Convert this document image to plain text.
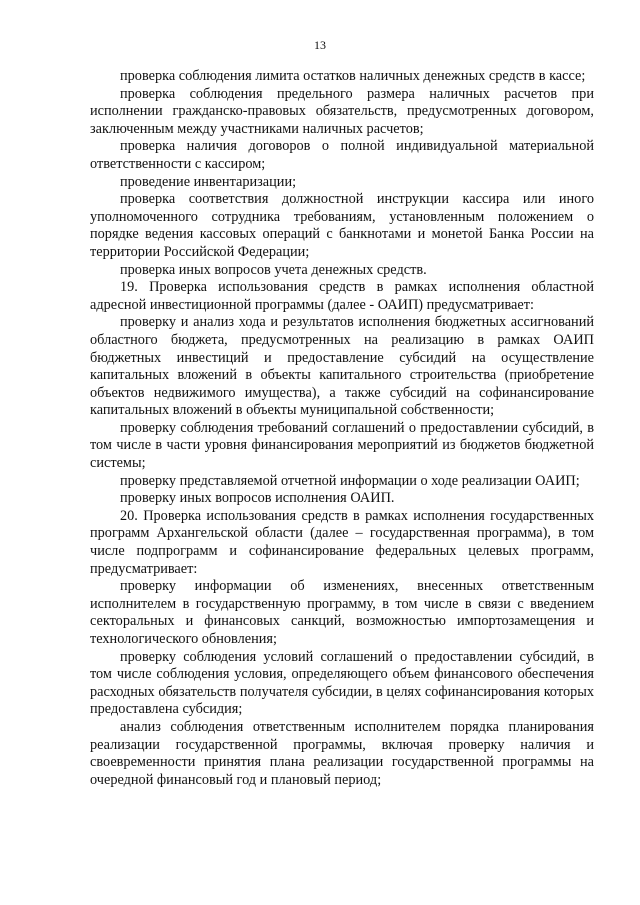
13

проверка соблюдения лимита остатков наличных денежных средств в кассе;

проверка соблюдения предельного размера наличных расчетов при исполнении гражданско-правовых обязательств, предусмотренных договором, заключенным между участниками наличных расчетов;

проверка наличия договоров о полной индивидуальной материальной ответственности с кассиром;

проведение инвентаризации;

проверка соответствия должностной инструкции кассира или иного уполномоченного сотрудника требованиям, установленным положением о порядке ведения кассовых операций с банкнотами и монетой Банка России на территории Российской Федерации;

проверка иных вопросов учета денежных средств.

19. Проверка использования средств в рамках исполнения областной адресной инвестиционной программы (далее - ОАИП) предусматривает:

проверку и анализ хода и результатов исполнения бюджетных ассигнований областного бюджета, предусмотренных на реализацию в рамках ОАИП бюджетных инвестиций и предоставление субсидий на осуществление капитальных вложений в объекты капитального строительства (приобретение объектов недвижимого имущества), а также субсидий на софинансирование капитальных вложений в объекты муниципальной собственности;

проверку соблюдения требований соглашений о предоставлении субсидий, в том числе в части уровня финансирования мероприятий из бюджетов бюджетной системы;

проверку представляемой отчетной информации о ходе реализации ОАИП;

проверку иных вопросов исполнения ОАИП.

20. Проверка использования средств в рамках исполнения государственных программ Архангельской области (далее – государственная программа), в том числе подпрограмм и софинансирование федеральных целевых программ, предусматривает:

проверку информации об изменениях, внесенных ответственным исполнителем в государственную программу, в том числе в связи с введением секторальных и финансовых санкций, возможностью импортозамещения и технологического обновления;

проверку соблюдения условий соглашений о предоставлении субсидий, в том числе соблюдения условия, определяющего объем финансового обеспечения расходных обязательств получателя субсидии, в целях софинансирования которых предоставлена субсидия;

анализ соблюдения ответственным исполнителем порядка планирования реализации государственной программы, включая проверку наличия и своевременности принятия плана реализации государственной программы на очередной финансовый год и плановый период;
